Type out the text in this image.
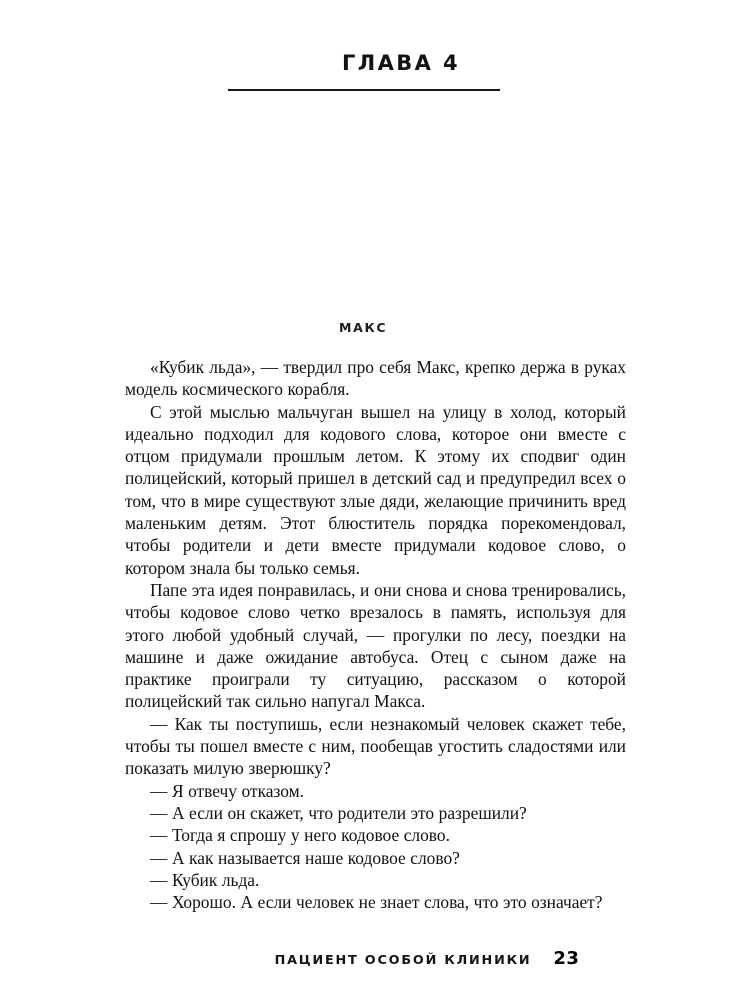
ГЛАВА 4
МАКС

«Кубик льда», — твердил про себя Макс, крепко держа в руках модель космического корабля.

С этой мыслью мальчуган вышел на улицу в холод, который идеально подходил для кодового слова, которое они вместе с отцом придумали прошлым летом. К этому их сподвиг один полицейский, который пришел в детский сад и предупредил всех о том, что в мире существуют злые дяди, желающие причинить вред маленьким детям. Этот блюститель порядка порекомендовал, чтобы родители и дети вместе придумали кодовое слово, о котором знала бы только семья.

Папе эта идея понравилась, и они снова и снова тренировались, чтобы кодовое слово четко врезалось в память, используя для этого любой удобный случай, — прогулки по лесу, поездки на машине и даже ожидание автобуса. Отец с сыном даже на практике проиграли ту ситуацию, рассказом о которой полицейский так сильно напугал Макса.

— Как ты поступишь, если незнакомый человек скажет тебе, чтобы ты пошел вместе с ним, пообещав угостить сладостями или показать милую зверюшку?

— Я отвечу отказом.

— А если он скажет, что родители это разрешили?

— Тогда я спрошу у него кодовое слово.

— А как называется наше кодовое слово?

— Кубик льда.

— Хорошо. А если человек не знает слова, что это означает?

ПАЦИЕНТ ОСОБОЙ КЛИНИКИ 23
